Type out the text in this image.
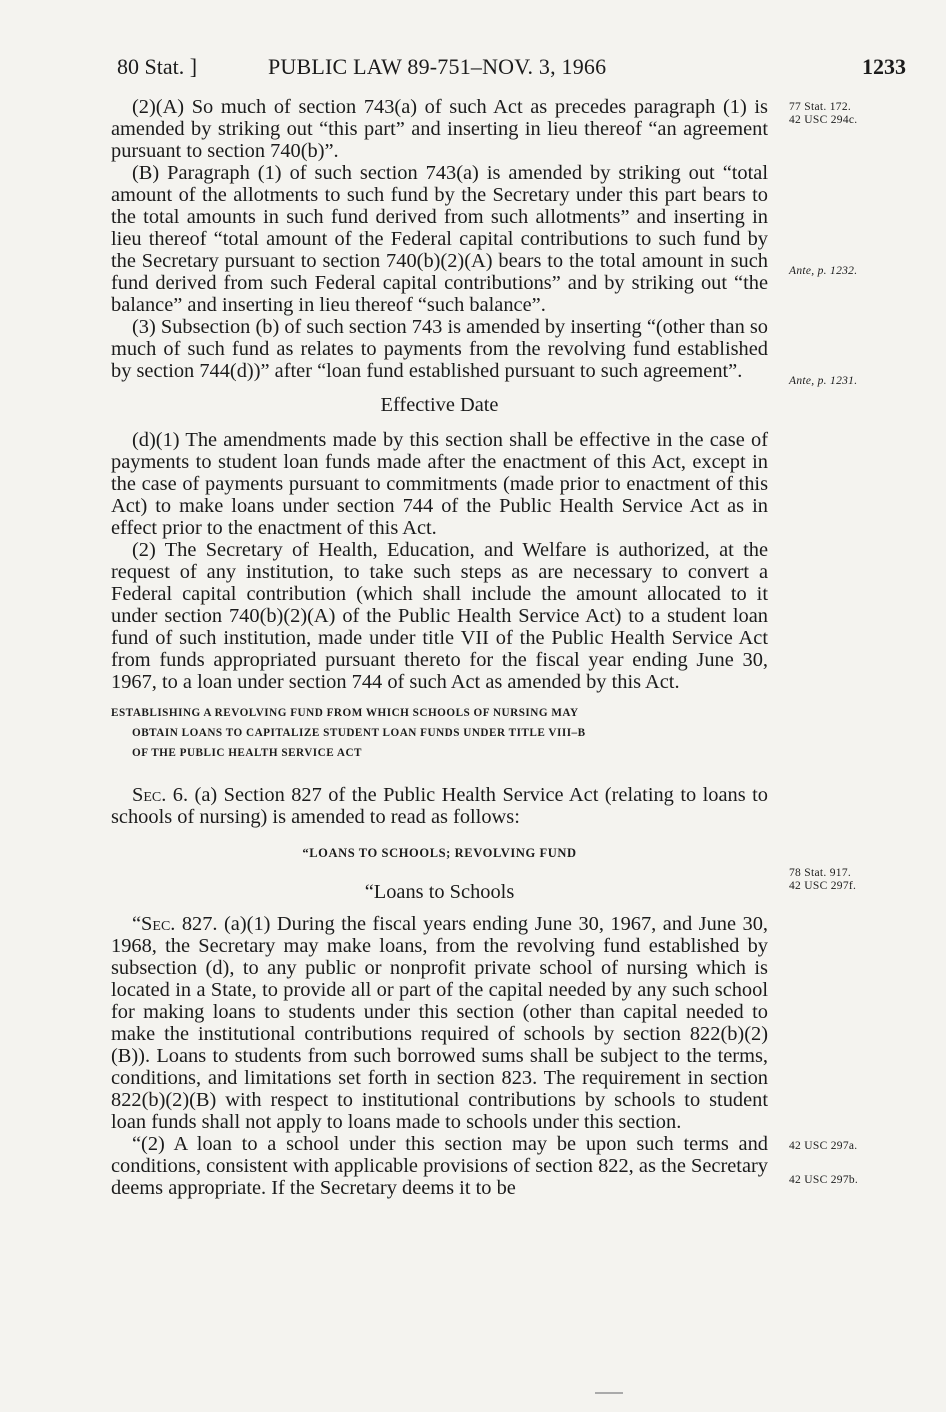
80 Stat. ]	PUBLIC LAW 89-751–NOV. 3, 1966	1233
77 Stat. 172.
42 USC 294c.
Ante, p. 1232.
Ante, p. 1231.
78 Stat. 917.
42 USC 297f.
42 USC 297a.
42 USC 297b.

(2)(A) So much of section 743(a) of such Act as precedes paragraph (1) is amended by striking out “this part” and inserting in lieu thereof “an agreement pursuant to section 740(b)”.

(B) Paragraph (1) of such section 743(a) is amended by striking out “total amount of the allotments to such fund by the Secretary under this part bears to the total amounts in such fund derived from such allotments” and inserting in lieu thereof “total amount of the Federal capital contributions to such fund by the Secretary pursuant to section 740(b)(2)(A) bears to the total amount in such fund derived from such Federal capital contributions” and by striking out “the balance” and inserting in lieu thereof “such balance”.

(3) Subsection (b) of such section 743 is amended by inserting “(other than so much of such fund as relates to payments from the revolving fund established by section 744(d))” after “loan fund established pursuant to such agreement”.

Effective Date

(d)(1) The amendments made by this section shall be effective in the case of payments to student loan funds made after the enactment of this Act, except in the case of payments pursuant to commitments (made prior to enactment of this Act) to make loans under section 744 of the Public Health Service Act as in effect prior to the enactment of this Act.

(2) The Secretary of Health, Education, and Welfare is authorized, at the request of any institution, to take such steps as are necessary to convert a Federal capital contribution (which shall include the amount allocated to it under section 740(b)(2)(A) of the Public Health Service Act) to a student loan fund of such institution, made under title VII of the Public Health Service Act from funds appropriated pursuant thereto for the fiscal year ending June 30, 1967, to a loan under section 744 of such Act as amended by this Act.

ESTABLISHING A REVOLVING FUND FROM WHICH SCHOOLS OF NURSING MAY
OBTAIN LOANS TO CAPITALIZE STUDENT LOAN FUNDS UNDER TITLE VIII–B
OF THE PUBLIC HEALTH SERVICE ACT

Sec. 6. (a) Section 827 of the Public Health Service Act (relating to loans to schools of nursing) is amended to read as follows:

“LOANS TO SCHOOLS; REVOLVING FUND
“Loans to Schools

“Sec. 827. (a)(1) During the fiscal years ending June 30, 1967, and June 30, 1968, the Secretary may make loans, from the revolving fund established by subsection (d), to any public or nonprofit private school of nursing which is located in a State, to provide all or part of the capital needed by any such school for making loans to students under this section (other than capital needed to make the institutional contributions required of schools by section 822(b)(2)(B)). Loans to students from such borrowed sums shall be subject to the terms, conditions, and limitations set forth in section 823. The requirement in section 822(b)(2)(B) with respect to institutional contributions by schools to student loan funds shall not apply to loans made to schools under this section.

“(2) A loan to a school under this section may be upon such terms and conditions, consistent with applicable provisions of section 822, as the Secretary deems appropriate. If the Secretary deems it to be
